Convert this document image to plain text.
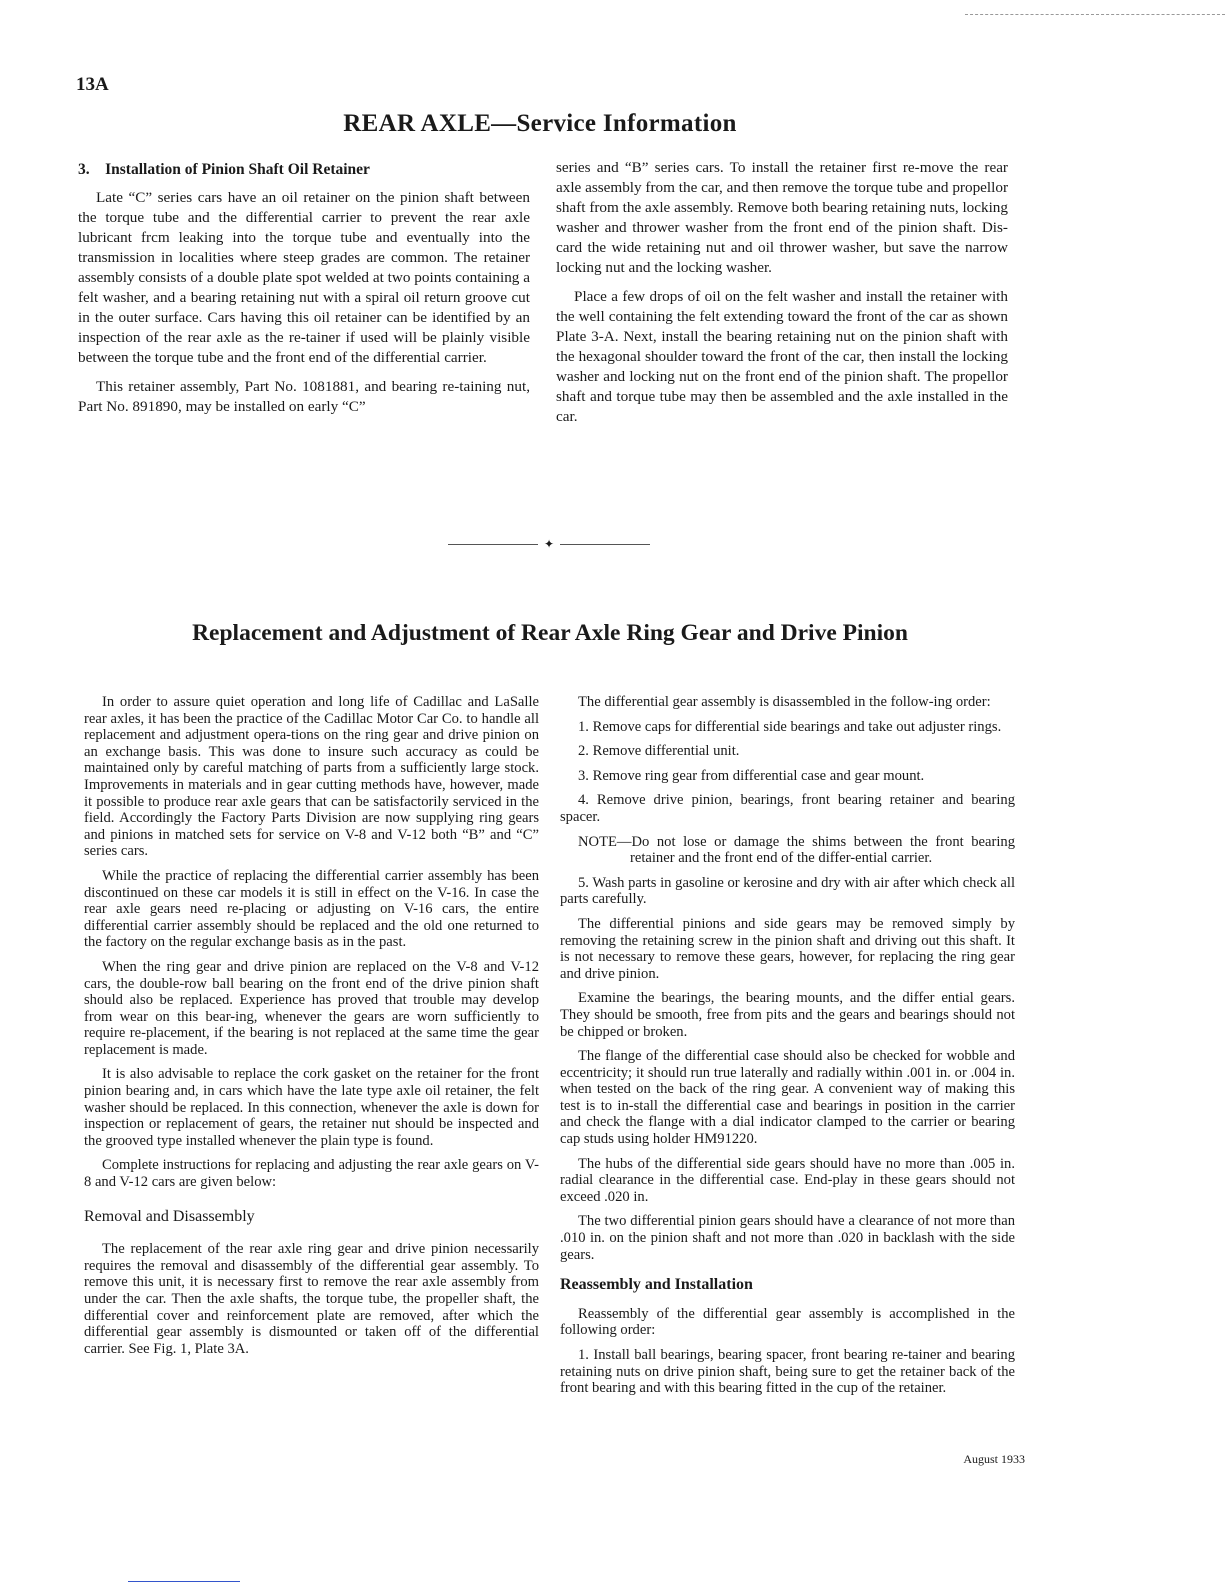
13A
REAR AXLE—Service Information
3. Installation of Pinion Shaft Oil Retainer

Late “C” series cars have an oil retainer on the pinion shaft between the torque tube and the differential carrier to prevent the rear axle lubricant frcm leaking into the torque tube and eventually into the transmission in localities where steep grades are common. The retainer assembly consists of a double plate spot welded at two points containing a felt washer, and a bearing retaining nut with a spiral oil return groove cut in the outer surface. Cars having this oil retainer can be identified by an inspection of the rear axle as the re-tainer if used will be plainly visible between the torque tube and the front end of the differential carrier.

This retainer assembly, Part No. 1081881, and bearing re-taining nut, Part No. 891890, may be installed on early “C”

series and “B” series cars. To install the retainer first re-move the rear axle assembly from the car, and then remove the torque tube and propellor shaft from the axle assembly. Remove both bearing retaining nuts, locking washer and thrower washer from the front end of the pinion shaft. Dis-card the wide retaining nut and oil thrower washer, but save the narrow locking nut and the locking washer.

Place a few drops of oil on the felt washer and install the retainer with the well containing the felt extending toward the front of the car as shown Plate 3-A. Next, install the bearing retaining nut on the pinion shaft with the hexagonal shoulder toward the front of the car, then install the locking washer and locking nut on the front end of the pinion shaft. The propellor shaft and torque tube may then be assembled and the axle installed in the car.

✦
Replacement and Adjustment of Rear Axle Ring Gear and Drive Pinion

In order to assure quiet operation and long life of Cadillac and LaSalle rear axles, it has been the practice of the Cadillac Motor Car Co. to handle all replacement and adjustment opera-tions on the ring gear and drive pinion on an exchange basis. This was done to insure such accuracy as could be maintained only by careful matching of parts from a sufficiently large stock. Improvements in materials and in gear cutting methods have, however, made it possible to produce rear axle gears that can be satisfactorily serviced in the field. Accordingly the Factory Parts Division are now supplying ring gears and pinions in matched sets for service on V-8 and V-12 both “B” and “C” series cars.

While the practice of replacing the differential carrier assembly has been discontinued on these car models it is still in effect on the V-16. In case the rear axle gears need re-placing or adjusting on V-16 cars, the entire differential carrier assembly should be replaced and the old one returned to the factory on the regular exchange basis as in the past.

When the ring gear and drive pinion are replaced on the V-8 and V-12 cars, the double-row ball bearing on the front end of the drive pinion shaft should also be replaced. Experience has proved that trouble may develop from wear on this bear-ing, whenever the gears are worn sufficiently to require re-placement, if the bearing is not replaced at the same time the gear replacement is made.

It is also advisable to replace the cork gasket on the retainer for the front pinion bearing and, in cars which have the late type axle oil retainer, the felt washer should be replaced. In this connection, whenever the axle is down for inspection or replacement of gears, the retainer nut should be inspected and the grooved type installed whenever the plain type is found.

Complete instructions for replacing and adjusting the rear axle gears on V-8 and V-12 cars are given below:

Removal and Disassembly

The replacement of the rear axle ring gear and drive pinion necessarily requires the removal and disassembly of the differential gear assembly. To remove this unit, it is necessary first to remove the rear axle assembly from under the car. Then the axle shafts, the torque tube, the propeller shaft, the differential cover and reinforcement plate are removed, after which the differential gear assembly is dismounted or taken off of the differential carrier. See Fig. 1, Plate 3A.

The differential gear assembly is disassembled in the follow-ing order:

1. Remove caps for differential side bearings and take out adjuster rings.

2. Remove differential unit.

3. Remove ring gear from differential case and gear mount.

4. Remove drive pinion, bearings, front bearing retainer and bearing spacer.

NOTE—Do not lose or damage the shims between the front bearing retainer and the front end of the differ-ential carrier.

5. Wash parts in gasoline or kerosine and dry with air after which check all parts carefully.

The differential pinions and side gears may be removed simply by removing the retaining screw in the pinion shaft and driving out this shaft. It is not necessary to remove these gears, however, for replacing the ring gear and drive pinion.

Examine the bearings, the bearing mounts, and the differ ential gears. They should be smooth, free from pits and the gears and bearings should not be chipped or broken.

The flange of the differential case should also be checked for wobble and eccentricity; it should run true laterally and radially within .001 in. or .004 in. when tested on the back of the ring gear. A convenient way of making this test is to in-stall the differential case and bearings in position in the carrier and check the flange with a dial indicator clamped to the carrier or bearing cap studs using holder HM91220.

The hubs of the differential side gears should have no more than .005 in. radial clearance in the differential case. End-play in these gears should not exceed .020 in.

The two differential pinion gears should have a clearance of not more than .010 in. on the pinion shaft and not more than .020 in backlash with the side gears.

Reassembly and Installation

Reassembly of the differential gear assembly is accomplished in the following order:

1. Install ball bearings, bearing spacer, front bearing re-tainer and bearing retaining nuts on drive pinion shaft, being sure to get the retainer back of the front bearing and with this bearing fitted in the cup of the retainer.

August 1933
